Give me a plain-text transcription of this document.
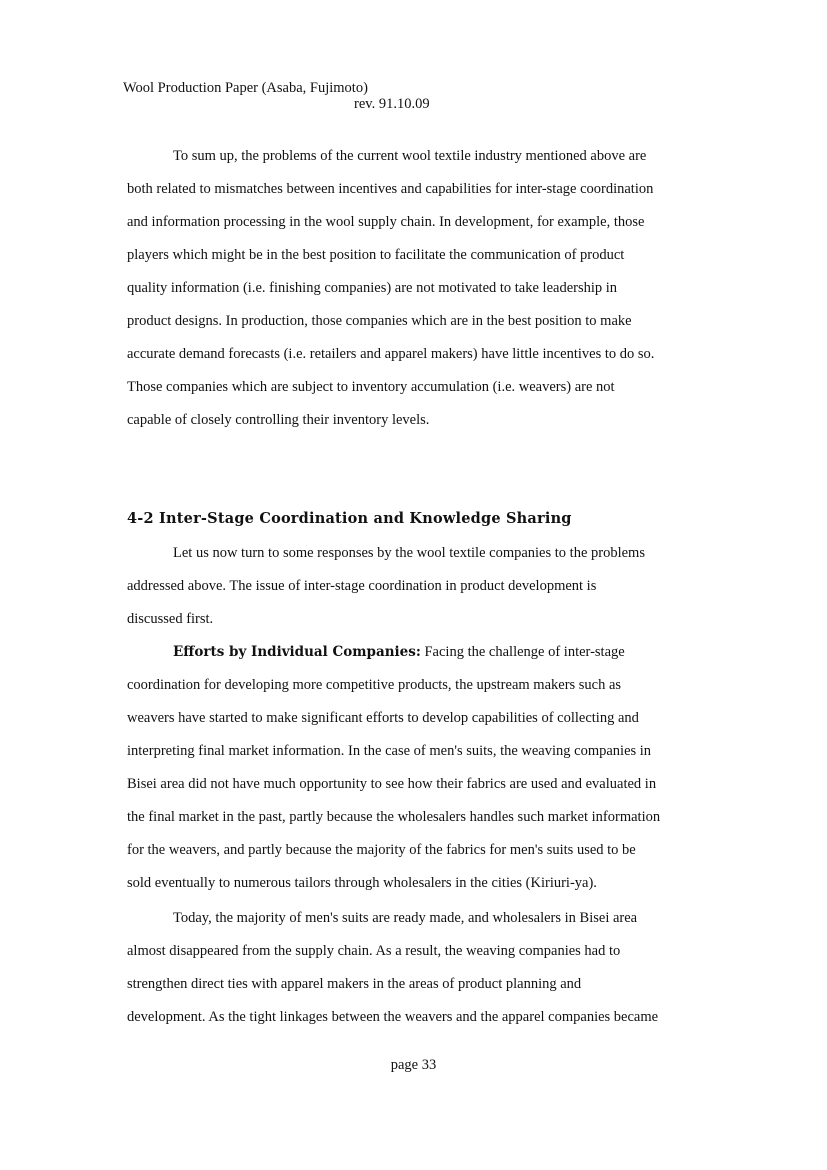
Wool Production Paper (Asaba, Fujimoto)
rev. 91.10.09
To sum up, the problems of the current wool textile industry mentioned above are
both related to mismatches between incentives and capabilities for inter-stage coordination
and information processing in the wool supply chain. In development, for example, those
players which might be in the best position to facilitate the communication of product
quality information (i.e. finishing companies) are not motivated to take leadership in
product designs. In production, those companies which are in the best position to make
accurate demand forecasts (i.e. retailers and apparel makers) have little incentives to do so.
Those companies which are subject to inventory accumulation (i.e. weavers) are not
capable of closely controlling their inventory levels.
4-2 Inter-Stage Coordination and Knowledge Sharing
Let us now turn to some responses by the wool textile companies to the problems
addressed above. The issue of inter-stage coordination in product development is
discussed first.
Efforts by Individual Companies: Facing the challenge of inter-stage
coordination for developing more competitive products, the upstream makers such as
weavers have started to make significant efforts to develop capabilities of collecting and
interpreting final market information. In the case of men's suits, the weaving companies in
Bisei area did not have much opportunity to see how their fabrics are used and evaluated in
the final market in the past, partly because the wholesalers handles such market information
for the weavers, and partly because the majority of the fabrics for men's suits used to be
sold eventually to numerous tailors through wholesalers in the cities (Kiriuri-ya).
Today, the majority of men's suits are ready made, and wholesalers in Bisei area
almost disappeared from the supply chain. As a result, the weaving companies had to
strengthen direct ties with apparel makers in the areas of product planning and
development. As the tight linkages between the weavers and the apparel companies became
page 33
